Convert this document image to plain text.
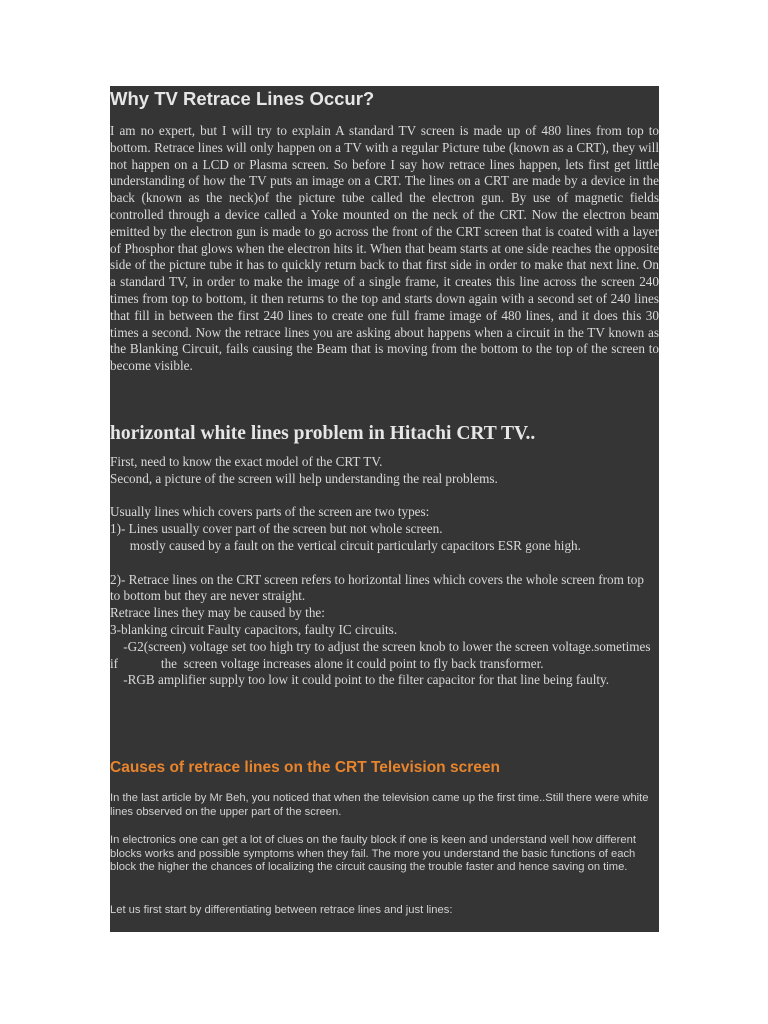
Why TV Retrace Lines Occur?

I am no expert, but I will try to explain A standard TV screen is made up of 480 lines from top to bottom. Retrace lines will only happen on a TV with a regular Picture tube (known as a CRT), they will not happen on a LCD or Plasma screen. So before I say how retrace lines happen, lets first get little understanding of how the TV puts an image on a CRT. The lines on a CRT are made by a device in the back (known as the neck)of the picture tube called the electron gun. By use of magnetic fields controlled through a device called a Yoke mounted on the neck of the CRT. Now the electron beam emitted by the electron gun is made to go across the front of the CRT screen that is coated with a layer of Phosphor that glows when the electron hits it. When that beam starts at one side reaches the opposite side of the picture tube it has to quickly return back to that first side in order to make that next line. On a standard TV, in order to make the image of a single frame, it creates this line across the screen 240 times from top to bottom, it then returns to the top and starts down again with a second set of 240 lines that fill in between the first 240 lines to create one full frame image of 480 lines, and it does this 30 times a second. Now the retrace lines you are asking about happens when a circuit in the TV known as the Blanking Circuit, fails causing the Beam that is moving from the bottom to the top of the screen to become visible.

horizontal white lines problem in Hitachi CRT TV..
First, need to know the exact model of the CRT TV.
Second, a picture of the screen will help understanding the real problems.
Usually lines which covers parts of the screen are two types:
1)- Lines usually cover part of the screen but not whole screen.
mostly caused by a fault on the vertical circuit particularly capacitors ESR gone high.
2)- Retrace lines on the CRT screen refers to horizontal lines which covers the whole screen from top                to bottom but they are never straight.
Retrace lines they may be caused by the:
3-blanking circuit Faulty capacitors, faulty IC circuits.
-G2(screen) voltage set too high try to adjust the screen knob to lower the screen voltage.sometimes if             the  screen voltage increases alone it could point to fly back transformer.
-RGB amplifier supply too low it could point to the filter capacitor for that line being faulty.
Causes of retrace lines on the CRT Television screen

In the last article by Mr Beh, you noticed that when the television came up the first time..Still there were white lines observed on the upper part of the screen.

In electronics one can get a lot of clues on the faulty block if one is keen and understand well how different blocks works and possible symptoms when they fail. The more you understand the basic functions of each block the higher the chances of localizing the circuit causing the trouble faster and hence saving on time.

Let us first start by differentiating between retrace lines and just lines:
